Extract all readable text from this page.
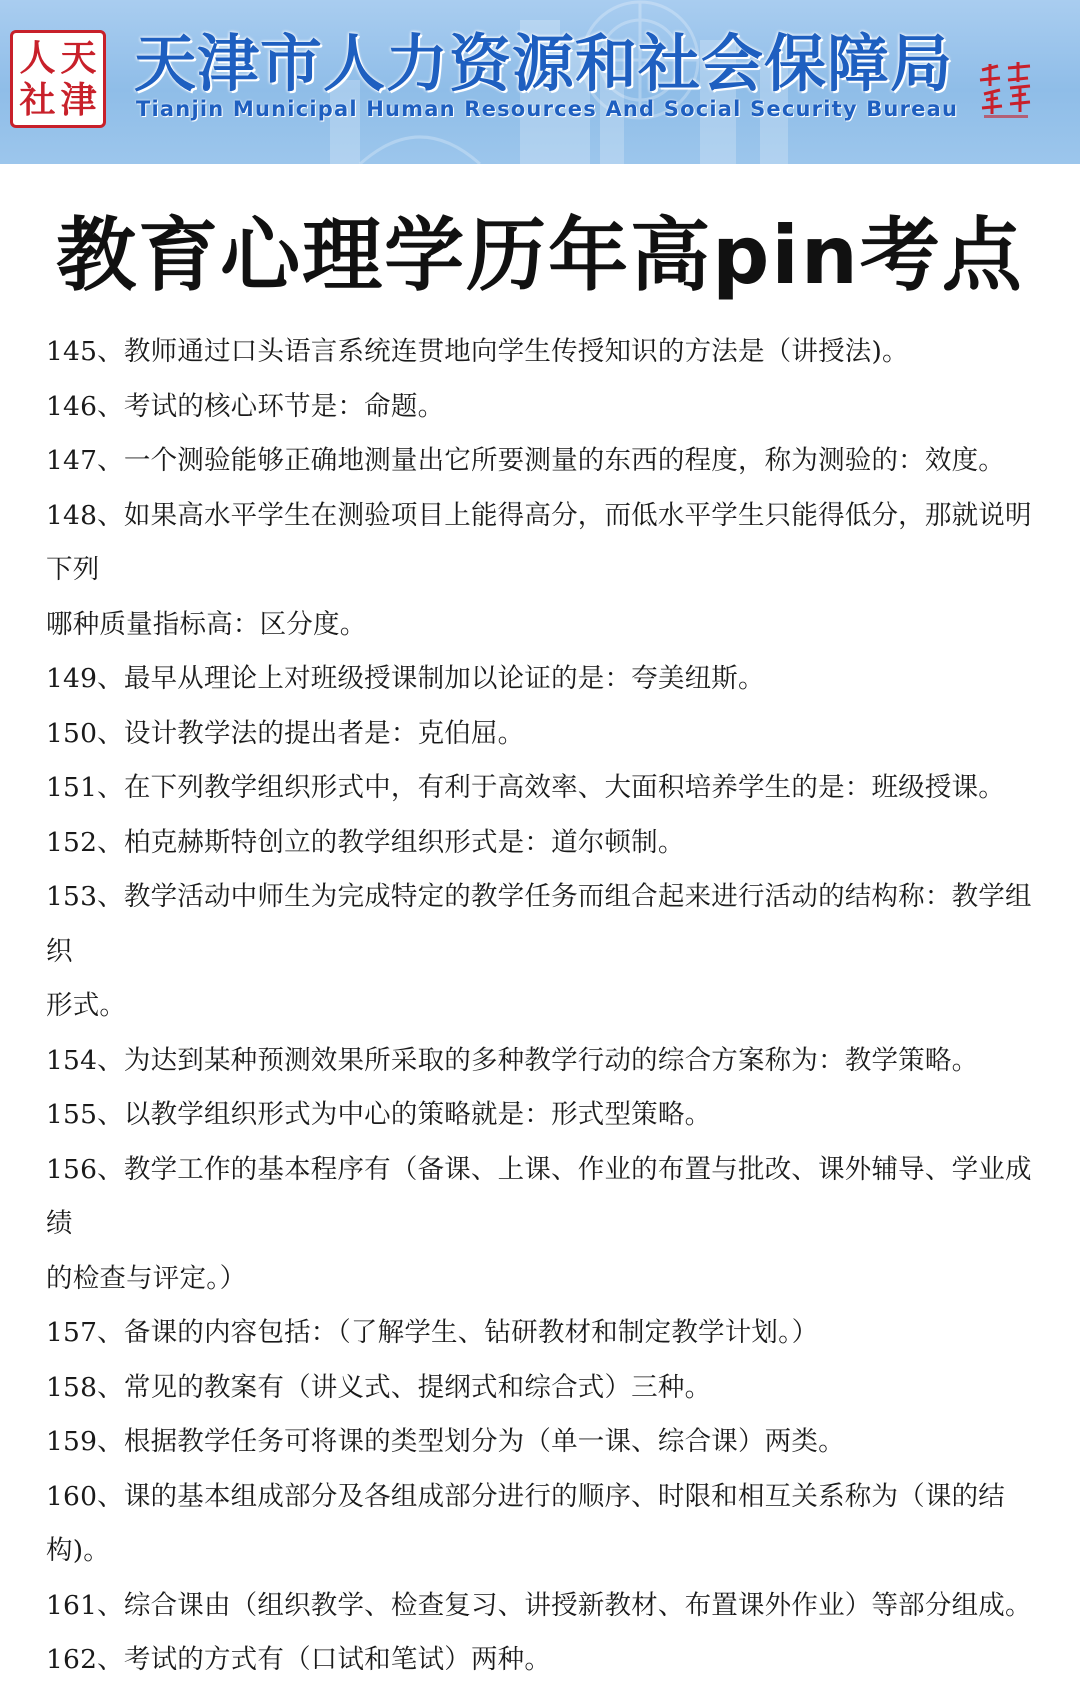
人 天
社 津 天津市人力资源和社会保障局
Tianjin Municipal Human Resources And Social Security Bureau
教育心理学历年高pin考点

145、教师通过口头语言系统连贯地向学生传授知识的方法是（讲授法)。

146、考试的核心环节是：命题。

147、一个测验能够正确地测量出它所要测量的东西的程度，称为测验的：效度。

148、如果高水平学生在测验项目上能得高分，而低水平学生只能得低分，那就说明下列

哪种质量指标高：区分度。

149、最早从理论上对班级授课制加以论证的是：夸美纽斯。

150、设计教学法的提出者是：克伯屈。

151、在下列教学组织形式中，有利于高效率、大面积培养学生的是：班级授课。

152、柏克赫斯特创立的教学组织形式是：道尔顿制。

153、教学活动中师生为完成特定的教学任务而组合起来进行活动的结构称：教学组织

形式。

154、为达到某种预测效果所采取的多种教学行动的综合方案称为：教学策略。

155、以教学组织形式为中心的策略就是：形式型策略。

156、教学工作的基本程序有（备课、上课、作业的布置与批改、课外辅导、学业成绩

的检查与评定。）

157、备课的内容包括：（了解学生、钻研教材和制定教学计划。）

158、常见的教案有（讲义式、提纲式和综合式）三种。

159、根据教学任务可将课的类型划分为（单一课、综合课）两类。

160、课的基本组成部分及各组成部分进行的顺序、时限和相互关系称为（课的结构)。

161、综合课由（组织教学、检查复习、讲授新教材、布置课外作业）等部分组成。

162、考试的方式有（口试和笔试）两种。
